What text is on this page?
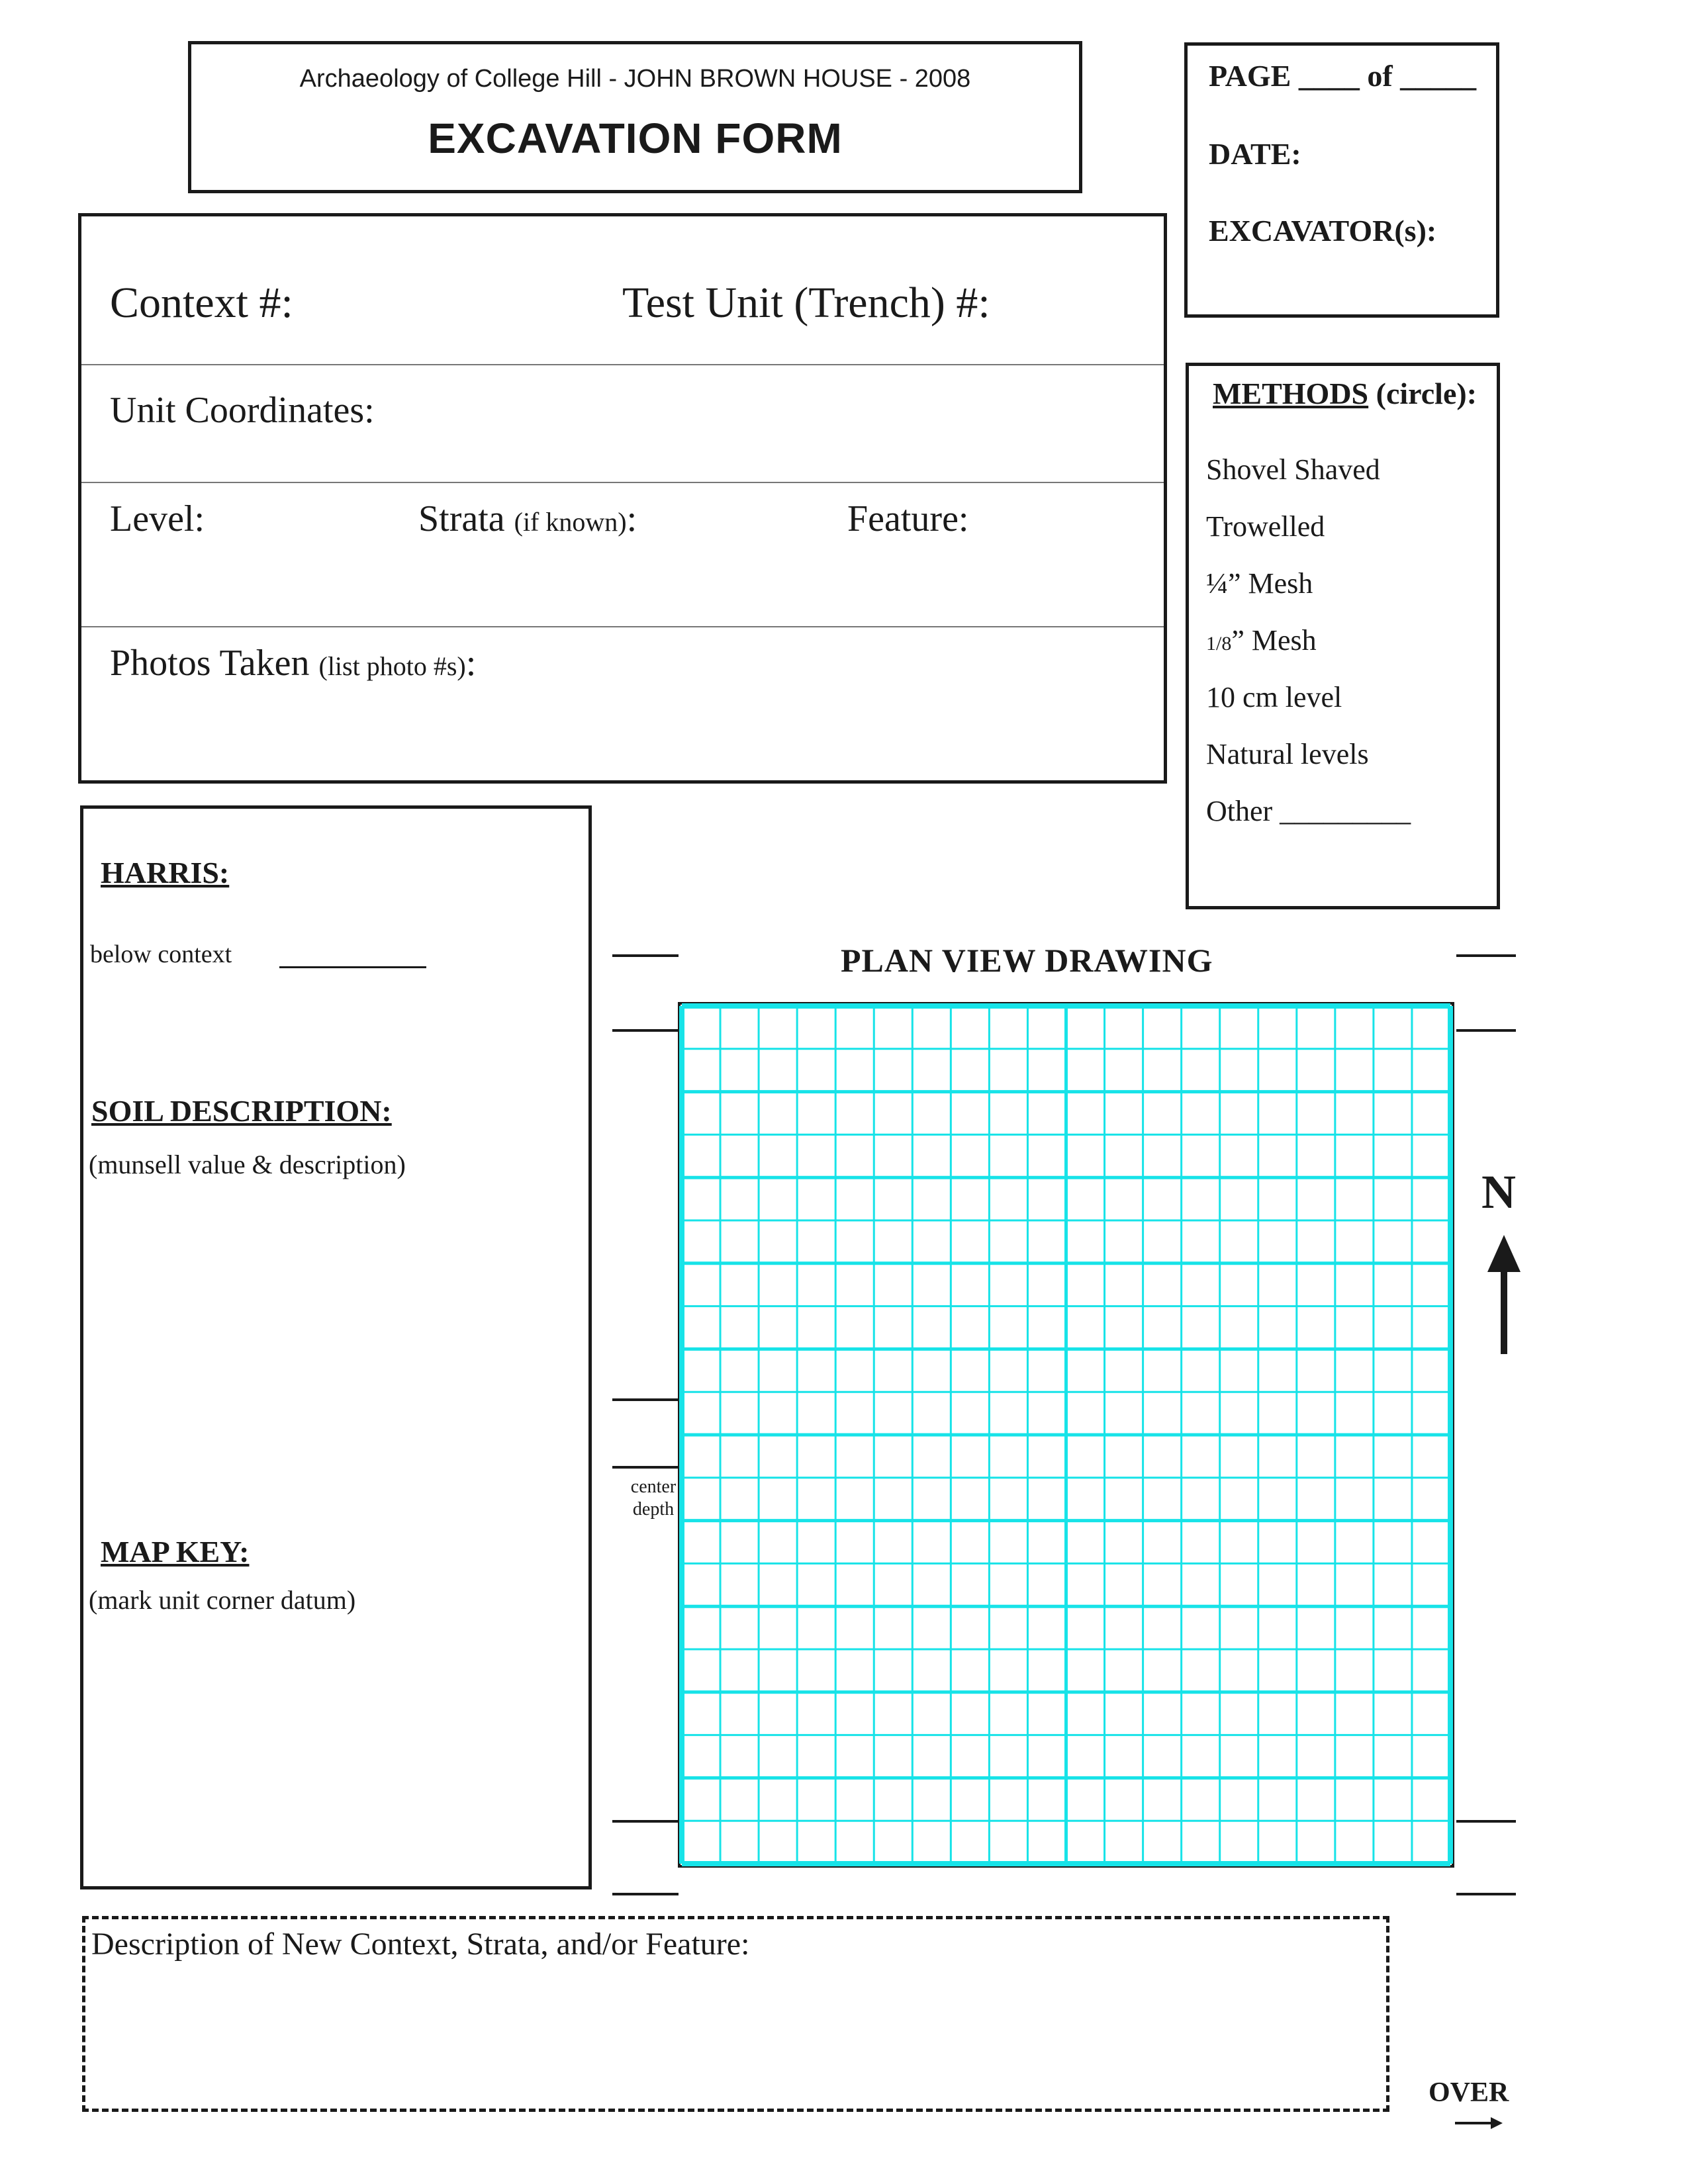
Archaeology of College Hill - JOHN BROWN HOUSE - 2008
EXCAVATION FORM
PAGE ____ of _____
DATE:
EXCAVATOR(s):
Context #:	Test Unit (Trench) #:
Unit Coordinates:
Level:	Strata (if known):	Feature:
Photos Taken (list photo #s):
METHODS (circle):
Shovel Shaved
Trowelled
¼” Mesh
1/8” Mesh
10 cm level
Natural levels
Other _________
HARRIS:
below context
SOIL DESCRIPTION:
(munsell value & description)
MAP KEY:
(mark unit corner datum)
PLAN VIEW DRAWING
center
depth
N
Description of New Context, Strata, and/or Feature:
OVER
